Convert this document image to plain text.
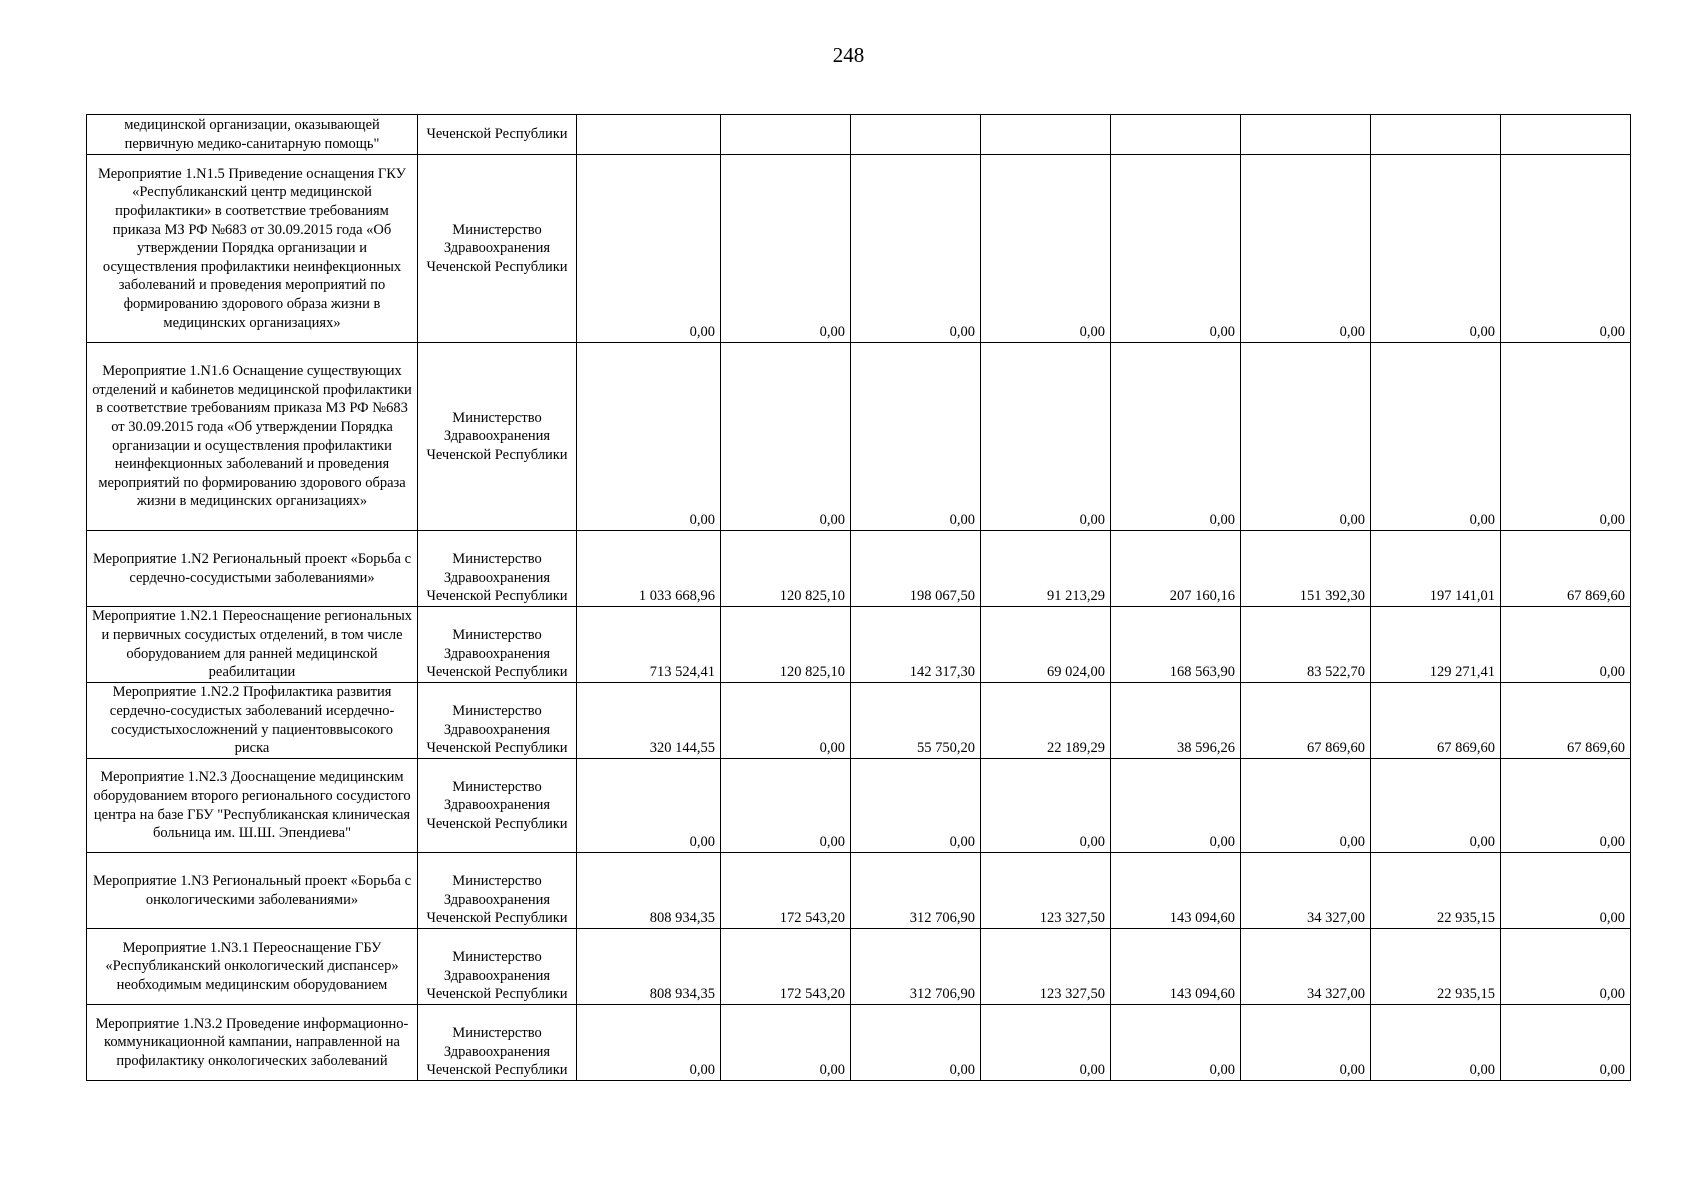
248
медицинской организации, оказывающей первичную медико-санитарную помощь"	Чеченской Республики								
Мероприятие 1.N1.5 Приведение оснащения ГКУ «Республиканский центр медицинской профилактики» в соответствие требованиям приказа МЗ РФ №683 от 30.09.2015 года «Об утверждении Порядка организации и осуществления профилактики неинфекционных заболеваний и проведения мероприятий по формированию здорового образа жизни в медицинских организациях»	Министерство Здравоохранения Чеченской Республики	0,00	0,00	0,00	0,00	0,00	0,00	0,00	0,00
Мероприятие 1.N1.6 Оснащение существующих отделений и кабинетов медицинской профилактики в соответствие требованиям приказа МЗ РФ №683 от 30.09.2015 года «Об утверждении Порядка организации и осуществления профилактики неинфекционных заболеваний и проведения мероприятий по формированию здорового образа жизни в медицинских организациях»	Министерство Здравоохранения Чеченской Республики	0,00	0,00	0,00	0,00	0,00	0,00	0,00	0,00
Мероприятие 1.N2 Региональный проект «Борьба с сердечно-сосудистыми заболеваниями»	Министерство Здравоохранения Чеченской Республики	1 033 668,96	120 825,10	198 067,50	91 213,29	207 160,16	151 392,30	197 141,01	67 869,60
Мероприятие 1.N2.1 Переоснащение региональных и первичных сосудистых отделений, в том числе оборудованием для ранней медицинской реабилитации	Министерство Здравоохранения Чеченской Республики	713 524,41	120 825,10	142 317,30	69 024,00	168 563,90	83 522,70	129 271,41	0,00
Мероприятие 1.N2.2 Профилактика развития сердечно-сосудистых заболеваний исердечно-сосудистыхосложнений у пациентоввысокого риска	Министерство Здравоохранения Чеченской Республики	320 144,55	0,00	55 750,20	22 189,29	38 596,26	67 869,60	67 869,60	67 869,60
Мероприятие 1.N2.3 Дооснащение медицинским оборудованием второго регионального сосудистого центра на базе ГБУ "Республиканская клиническая больница им. Ш.Ш. Эпендиева"	Министерство Здравоохранения Чеченской Республики	0,00	0,00	0,00	0,00	0,00	0,00	0,00	0,00
Мероприятие 1.N3 Региональный проект «Борьба с онкологическими заболеваниями»	Министерство Здравоохранения Чеченской Республики	808 934,35	172 543,20	312 706,90	123 327,50	143 094,60	34 327,00	22 935,15	0,00
Мероприятие 1.N3.1 Переоснащение ГБУ «Республиканский онкологический диспансер» необходимым медицинским оборудованием	Министерство Здравоохранения Чеченской Республики	808 934,35	172 543,20	312 706,90	123 327,50	143 094,60	34 327,00	22 935,15	0,00
Мероприятие 1.N3.2 Проведение информационно-коммуникационной кампании, направленной на профилактику онкологических заболеваний	Министерство Здравоохранения Чеченской Республики	0,00	0,00	0,00	0,00	0,00	0,00	0,00	0,00
